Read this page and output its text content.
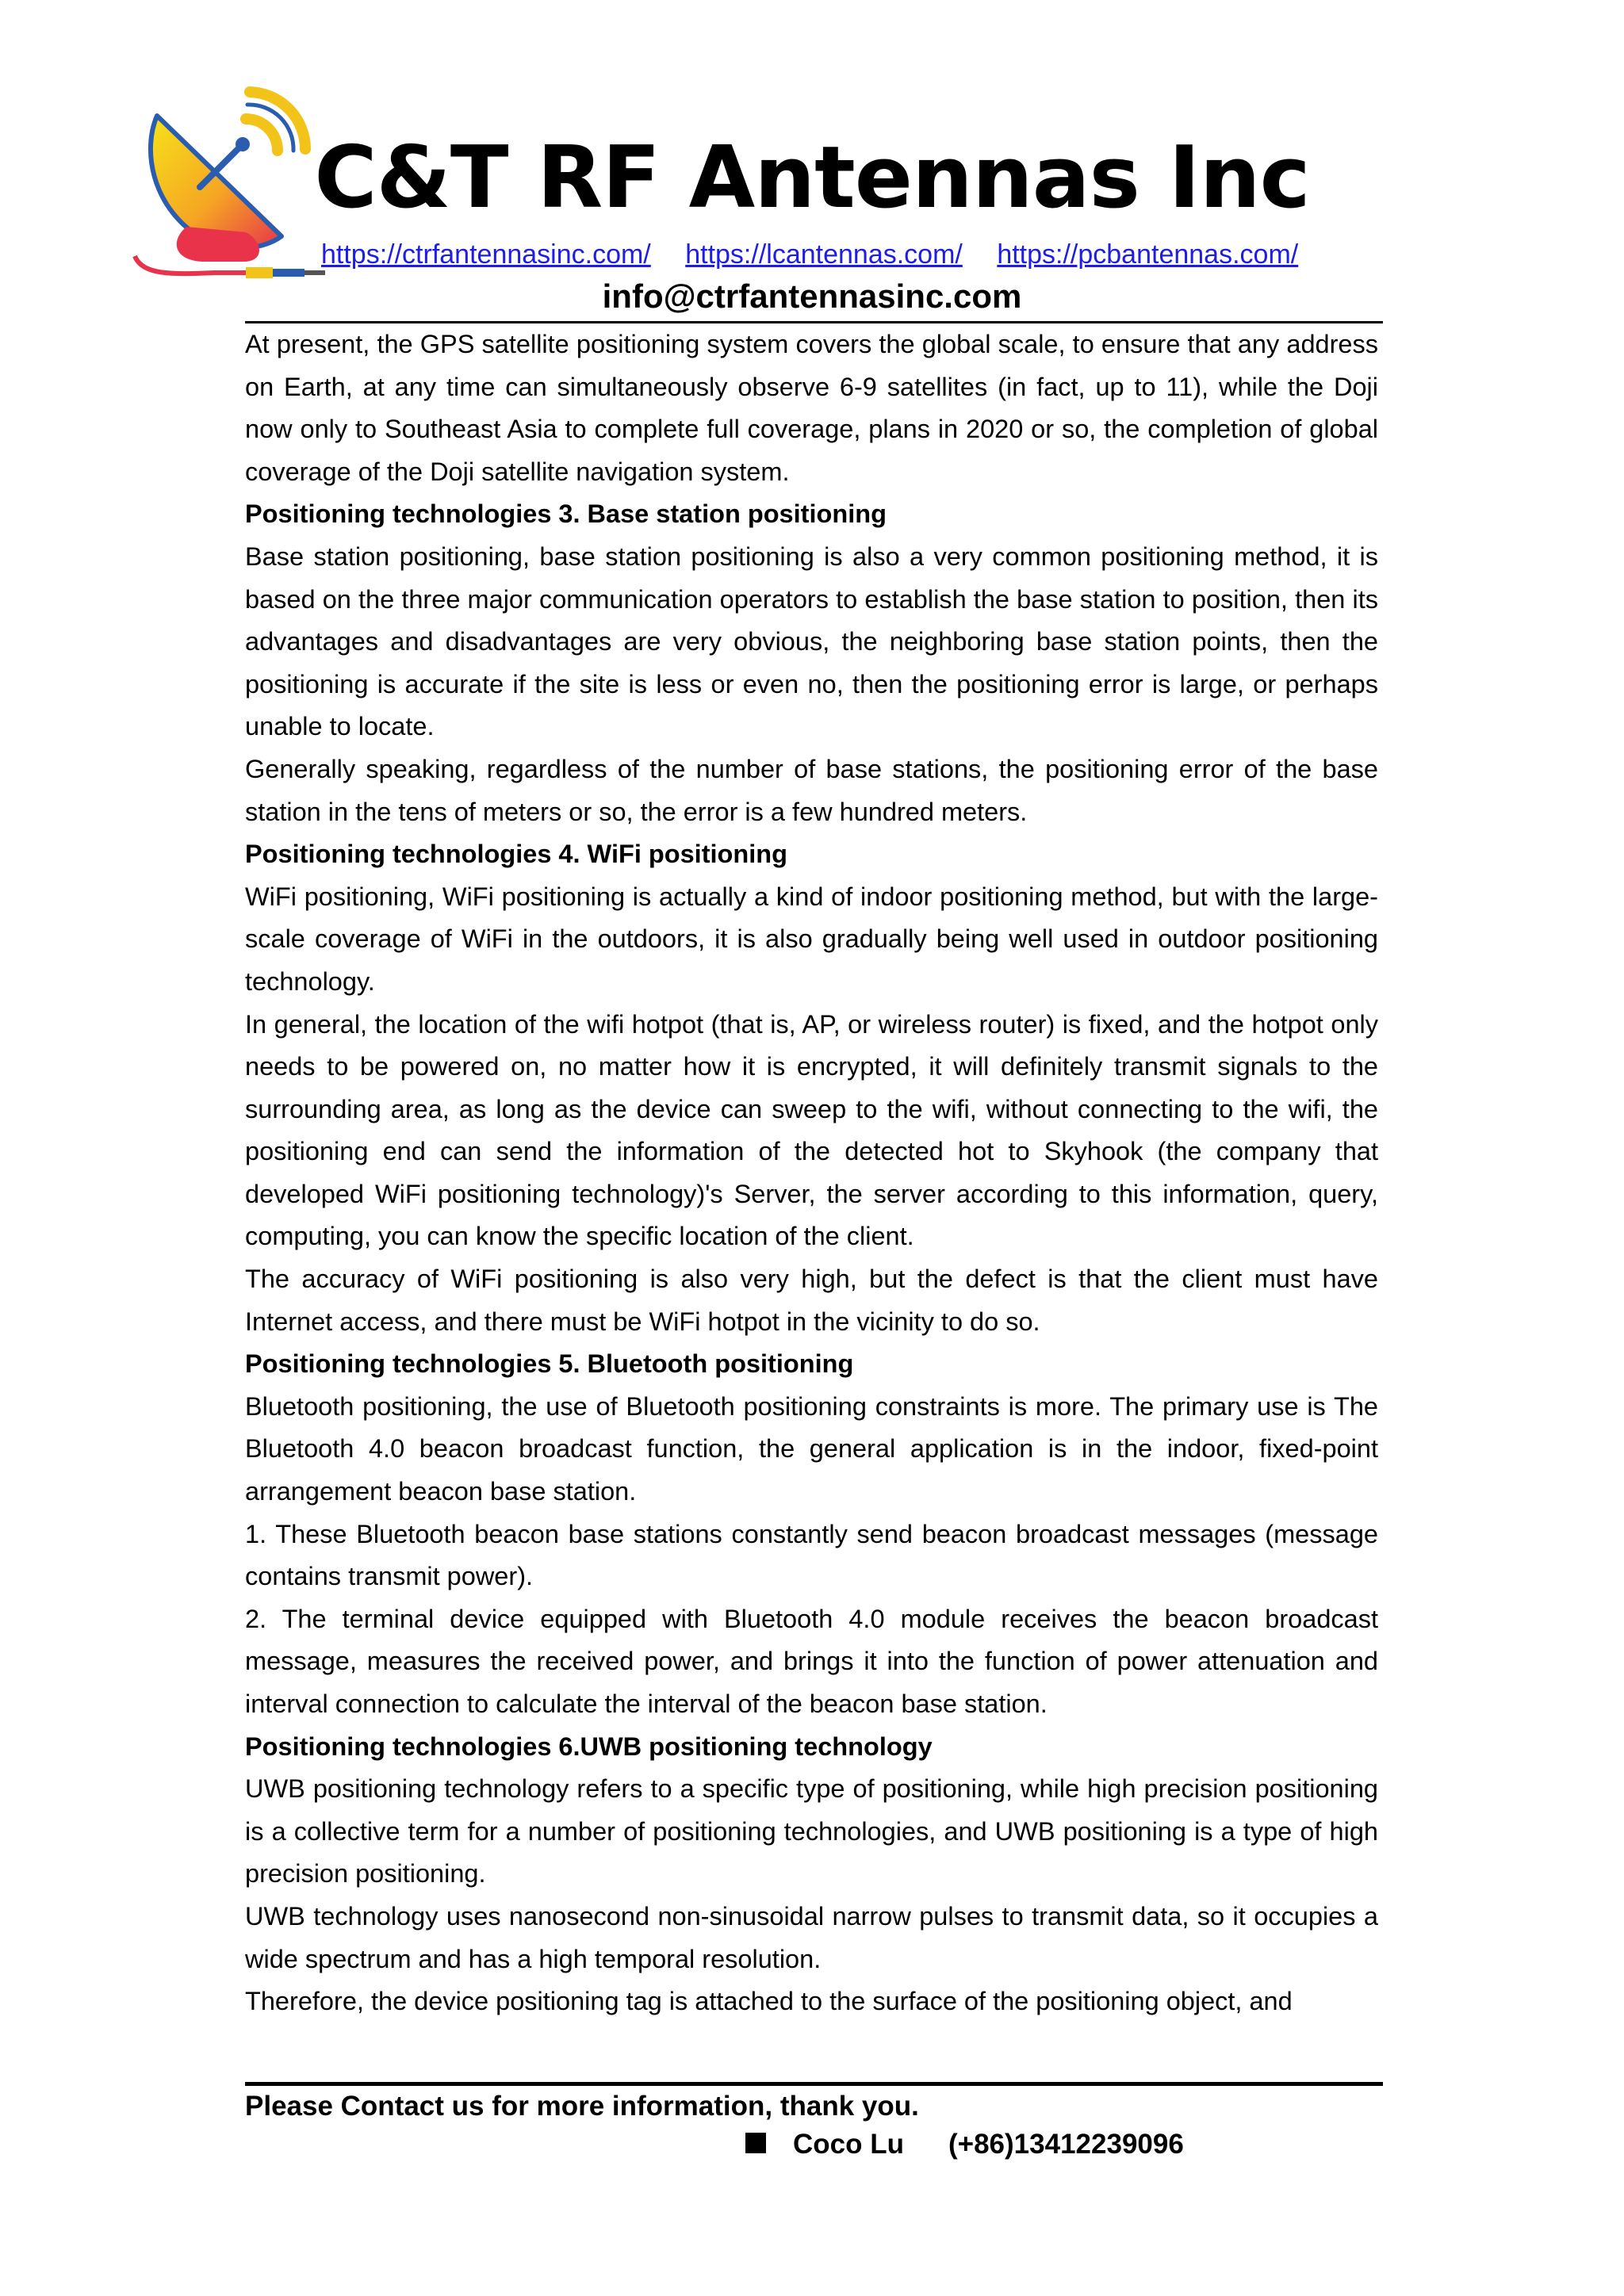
C&T RF Antennas Inc
https://ctrfantennasinc.com/ https://lcantennas.com/ https://pcbantennas.com/
info@ctrfantennasinc.com

At present, the GPS satellite positioning system covers the global scale, to ensure that any address on Earth, at any time can simultaneously observe 6-9 satellites (in fact, up to 11), while the Doji now only to Southeast Asia to complete full coverage, plans in 2020 or so, the completion of global coverage of the Doji satellite navigation system.

Positioning technologies 3. Base station positioning

Base station positioning, base station positioning is also a very common positioning method, it is based on the three major communication operators to establish the base station to position, then its advantages and disadvantages are very obvious, the neighboring base station points, then the positioning is accurate if the site is less or even no, then the positioning error is large, or perhaps unable to locate.

Generally speaking, regardless of the number of base stations, the positioning error of the base station in the tens of meters or so, the error is a few hundred meters.

Positioning technologies 4. WiFi positioning

WiFi positioning, WiFi positioning is actually a kind of indoor positioning method, but with the large-scale coverage of WiFi in the outdoors, it is also gradually being well used in outdoor positioning technology.

In general, the location of the wifi hotpot (that is, AP, or wireless router) is fixed, and the hotpot only needs to be powered on, no matter how it is encrypted, it will definitely transmit signals to the surrounding area, as long as the device can sweep to the wifi, without connecting to the wifi, the positioning end can send the information of the detected hot to Skyhook (the company that developed WiFi positioning technology)'s Server, the server according to this information, query, computing, you can know the specific location of the client.

The accuracy of WiFi positioning is also very high, but the defect is that the client must have Internet access, and there must be WiFi hotpot in the vicinity to do so.

Positioning technologies 5. Bluetooth positioning

Bluetooth positioning, the use of Bluetooth positioning constraints is more. The primary use is The Bluetooth 4.0 beacon broadcast function, the general application is in the indoor, fixed-point arrangement beacon base station.

1. These Bluetooth beacon base stations constantly send beacon broadcast messages (message contains transmit power).

2. The terminal device equipped with Bluetooth 4.0 module receives the beacon broadcast message, measures the received power, and brings it into the function of power attenuation and interval connection to calculate the interval of the beacon base station.

Positioning technologies 6.UWB positioning technology

UWB positioning technology refers to a specific type of positioning, while high precision positioning is a collective term for a number of positioning technologies, and UWB positioning is a type of high precision positioning.

UWB technology uses nanosecond non-sinusoidal narrow pulses to transmit data, so it occupies a wide spectrum and has a high temporal resolution.

Therefore, the device positioning tag is attached to the surface of the positioning object, and

Please Contact us for more information, thank you.

Coco Lu (+86)13412239096
